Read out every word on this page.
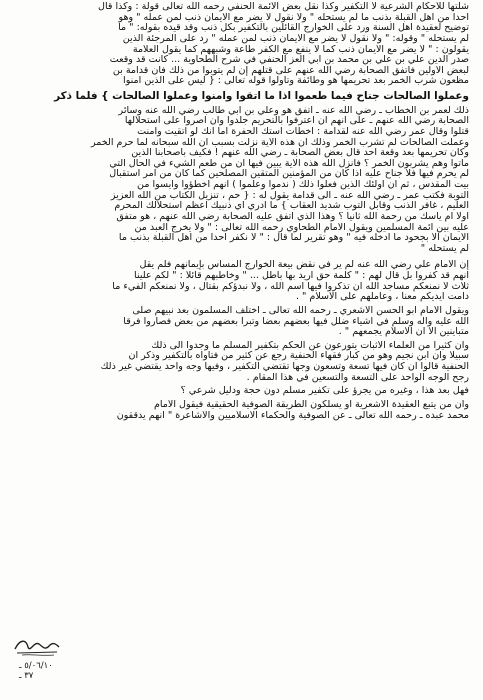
شلتها للاحكام الشرعية لا التكفير وكذا نقل بعض الائمة الحنفي رحمه الله تعالى قولة : وكذا قال

أحدا من اهل القبلة بذنب ما لم يستحله " ولا نقول لا يضر مع الايمان ذنب لمن عمله " وهو

توضيح لعقيدة أهل السنة ورد على الخوارج القائلين بالتكفير بكل ذنب وقد قيده بقوله: " ما

لم يستحله " وقوله: " ولا نقول لا يضر مع الايمان ذنب لمن عمله " رد على المرجئة الذين

يقولون : " لا يضر مع الايمان ذنب كما لا ينفع مع الكفر طاعة وشبههم كما يقول العلامة

صدر الدين علي بن علي بن محمد بن ابي العز الحنفي في شرح الطحاوية ... كانت قد وقعت

لبعض الاولين فاتفق الصحابة رضي الله عنهم على قتلهم إن لم يتوبوا من ذلك فان قدامة بن

مظعون شرب الخمر بعد تحريمها هو وطائفة وتأولوا قوله تعالى : { ليس على الذين آمنوا

وعملوا الصالحات جناح فيما طعموا اذا ما اتقوا وآمنوا وعملوا الصالحات } فلما ذكر

ذلك لعمر بن الخطاب ـ رضي الله عنه ـ اتفق هو وعلي بن ابي طالب رضي الله عنه وسائر

الصحابة رضي الله عنهم ـ على انهم ان اعترفوا بالتحريم جلدوا وان أصروا على استحلالها

قتلوا وقال عمر رضي الله عنه لقدامة : اخطأت استك الحفرة اما انك لو اتقيت وآمنت

وعملت الصالحات لم تشرب الخمر وذلك ان هذه الاية نزلت بسبب ان الله سبحانه لما حرم الخمر

وكان تحريمها بعد وقعة أحد قال بعض الصحابة ـ رضي الله عنهم ! فكيف باصحابنا الذين

ماتوا وهم يشربون الخمر ؟ فانزل الله هذه الاية يبين فيها ان من طعم الشيء في الحال التي

لم يحرم فيها فلا جناح عليه اذا كان من المؤمنين المتقين المصلحين كما كان من امر استقبال

بيت المقدس ، ثم ان اولئك الذين فعلوا ذلك ( ندموا وعلموا ) انهم أخطؤوا وايسوا من

التوبة فكتب عمر ـ رضي الله عنه ـ الى قدامة يقول له : { حم ، تنزيل الكتاب من الله العزيز

العليم ، غافر الذنب وقابل التوب شديد العقاب } ما ادري أي ذنبيك اعظم استحلالك المحرم

اولاً أم يأسك من رحمة الله ثانيا ؟ وهذا الذي اتفق عليه الصحابة رضي الله عنهم ، هو متفق

عليه بين أئمة المسلمين ويقول الامام الطحاوي رحمه الله تعالى : " ولا يخرج العبد من

الايمان الا بجحود ما أدخله فيه " وهو تقرير لما قال : " لا نكفر أحداً من اهل القبلة بذنب ما

لم يستحله "

إن الامام علي رضي الله عنه لم ير في نقض بيعة الخوارج المساس بإيمانهم فلم يقل

انهم قد كفروا بل قال لهم : " كلمة حق اريد بها باطل ... " وخاطبهم قائلاً : " لكم علينا

ثلاث لا نمنعكم مساجد الله ان تذكروا فيها اسم الله ، ولا نبدؤكم بقتال ، ولا نمنعكم الفيء ما

دامت ايديكم معنا ، وعاملهم على الاسلام " .

ويقول الامام ابو الحسن الاشعري ـ رحمه الله تعالى ـ اختلف المسلمون بعد نبيهم صلى

الله عليه وآله وسلم في اشياء ضلل فيها بعضهم بعضاً وتبرأ بعضهم من بعض فصاروا فرقاً

متباينين الا ان الاسلام يجمعهم " .

وان كثيراً من العلماء الاثبات يتورعون عن الحكم بتكفير المسلم ما وجدوا الى ذلك

سبيلا وان ابن نجيم وهو من كبار فقهاء الحنفية رجع عن كثير من فتاواه بالتكفير وذكر ان

الحنفية قالوا ان كان فيها تسعة وتسعون وجهاً تقتضي التكفير ، وفيها وجه واحد يقتضي غير ذلك

رجح الوجه الواحد على التسعة والتسعين في هذا المقام .

فهل بعد هذا ، وغيره من يجرؤ على تكفير مسلم دون حجة ودليل شرعي ؟

وان من يتبع العقيدة الأشعرية او يسلكون الطريقة الصوفية الحقيقية فيقول الامام

محمد عبده ـ رحمه الله تعالى ـ عن الصوفية والحكماء الاسلاميين والاشاعرة " انهم يدققون

٥/٠٦/١٠ ـ
٣٧ ـ
